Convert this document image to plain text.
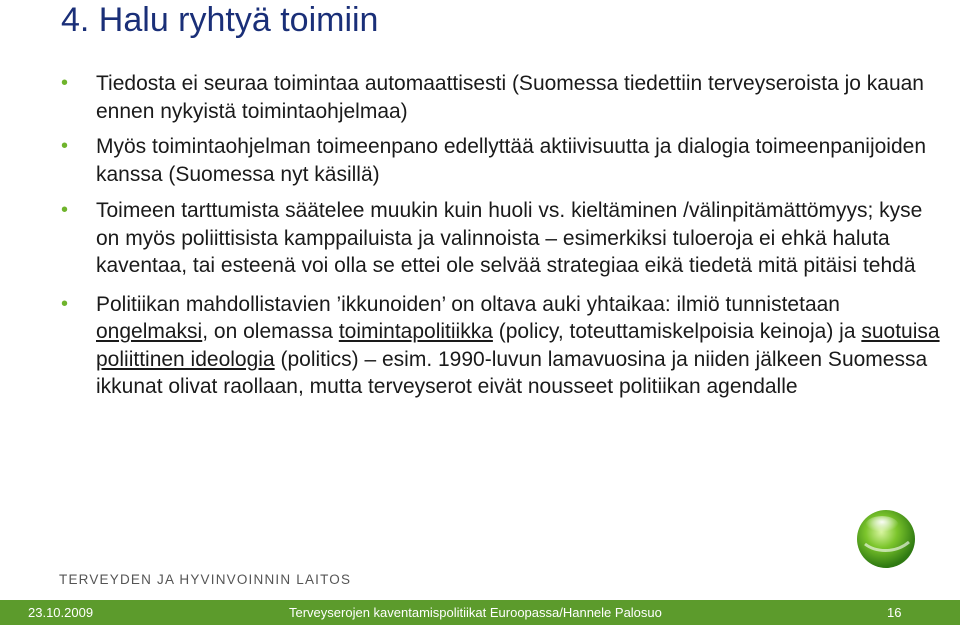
4. Halu ryhtyä toimiin
• Tiedosta ei seuraa toimintaa automaattisesti (Suomessa tiedettiin terveyseroista jo kauan ennen nykyistä toimintaohjelmaa)
• Myös toimintaohjelman toimeenpano edellyttää aktiivisuutta ja dialogia toimeenpanijoiden kanssa (Suomessa nyt käsillä)
• Toimeen tarttumista säätelee muukin kuin huoli vs. kieltäminen /välinpitämättömyys; kyse on myös poliittisista kamppailuista ja valinnoista – esimerkiksi tuloeroja ei ehkä haluta kaventaa, tai esteenä voi olla se ettei ole selvää strategiaa eikä tiedetä mitä pitäisi tehdä
• Politiikan mahdollistavien ’ikkunoiden’ on oltava auki yhtaikaa: ilmiö tunnistetaan ongelmaksi, on olemassa toimintapolitiikka (policy, toteuttamiskelpoisia keinoja) ja suotuisa poliittinen ideologia (politics) – esim. 1990-luvun lamavuosina ja niiden jälkeen Suomessa ikkunat olivat raollaan, mutta terveyserot eivät nousseet politiikan agendalle
TERVEYDEN JA HYVINVOINNIN LAITOS
23.10.2009	Terveyserojen kaventamispolitiikat Euroopassa/Hannele Palosuo	16
